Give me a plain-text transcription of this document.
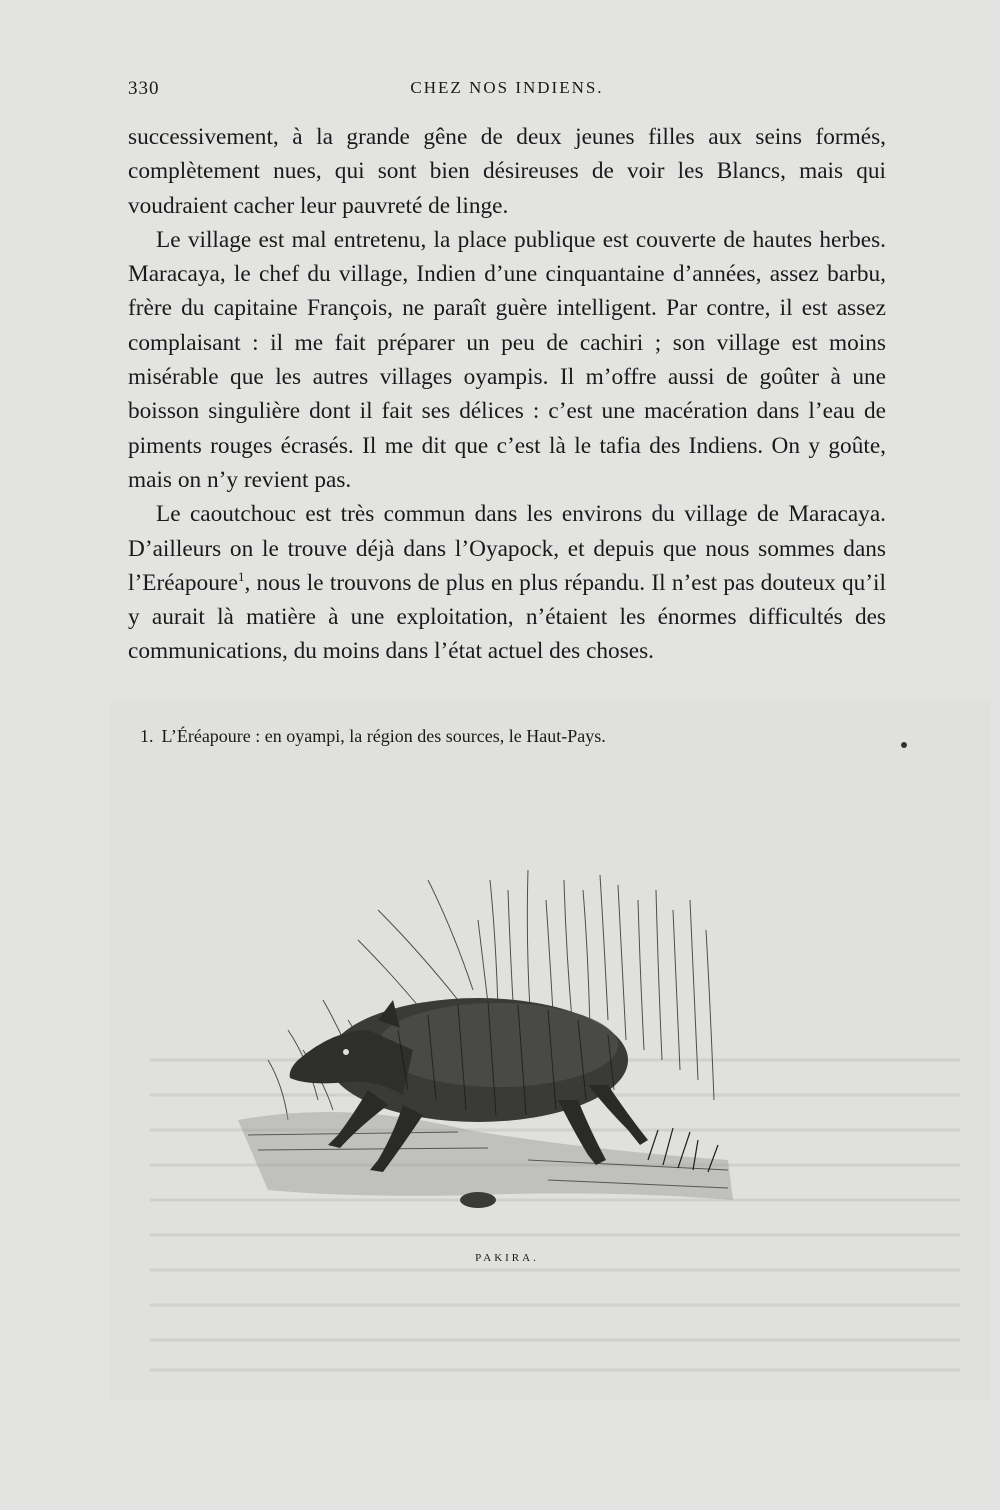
330	CHEZ NOS INDIENS.

successivement, à la grande gêne de deux jeunes filles aux seins formés, complètement nues, qui sont bien désireuses de voir les Blancs, mais qui voudraient cacher leur pauvreté de linge.

Le village est mal entretenu, la place publique est couverte de hautes herbes. Maracaya, le chef du village, Indien d’une cinquantaine d’années, assez barbu, frère du capitaine François, ne paraît guère intelligent. Par contre, il est assez complaisant : il me fait préparer un peu de cachiri ; son village est moins misérable que les autres villages oyampis. Il m’offre aussi de goûter à une boisson singulière dont il fait ses délices : c’est une macération dans l’eau de piments rouges écrasés. Il me dit que c’est là le tafia des Indiens. On y goûte, mais on n’y revient pas.

Le caoutchouc est très commun dans les environs du village de Maracaya. D’ailleurs on le trouve déjà dans l’Oyapock, et depuis que nous sommes dans l’Eréapoure$^1$, nous le trouvons de plus en plus répandu. Il n’est pas douteux qu’il y aurait là matière à une exploitation, n’étaient les énormes difficultés des communications, du moins dans l’état actuel des choses.

1. L’Éréapoure : en oyampi, la région des sources, le Haut-Pays.
PAKIRA.
